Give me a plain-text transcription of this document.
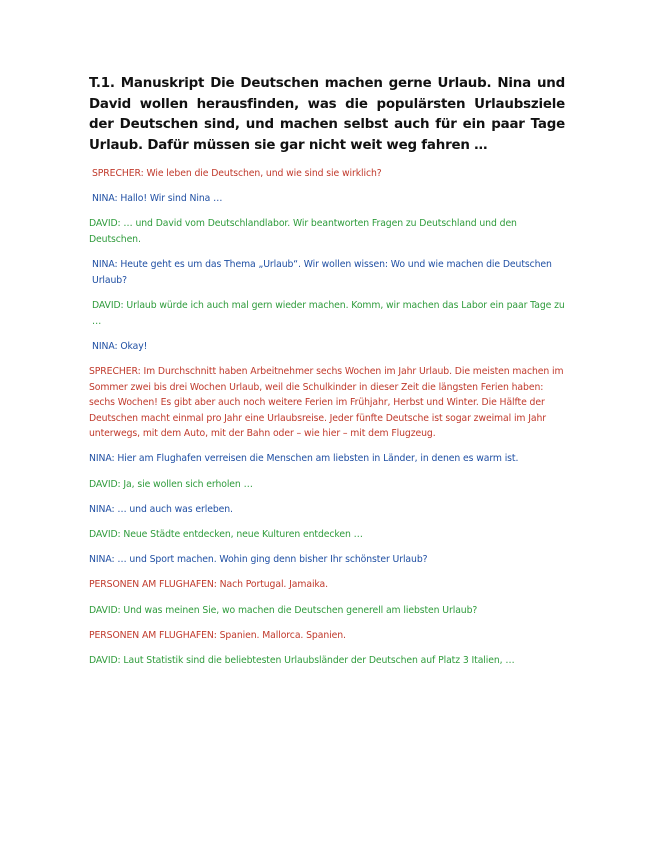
T.1. Manuskript Die Deutschen machen gerne Urlaub. Nina und David wollen herausfinden, was die populärsten Urlaubsziele der Deutschen sind, und machen selbst auch für ein paar Tage Urlaub. Dafür müssen sie gar nicht weit weg fahren …

SPRECHER: Wie leben die Deutschen, und wie sind sie wirklich?

NINA: Hallo! Wir sind Nina …

DAVID: … und David vom Deutschlandlabor. Wir beantworten Fragen zu Deutschland und den Deutschen.

NINA: Heute geht es um das Thema „Urlaub“. Wir wollen wissen: Wo und wie machen die Deutschen Urlaub?

DAVID: Urlaub würde ich auch mal gern wieder machen. Komm, wir machen das Labor ein paar Tage zu …

NINA: Okay!

SPRECHER: Im Durchschnitt haben Arbeitnehmer sechs Wochen im Jahr Urlaub. Die meisten machen im Sommer zwei bis drei Wochen Urlaub, weil die Schulkinder in dieser Zeit die längsten Ferien haben: sechs Wochen! Es gibt aber auch noch weitere Ferien im Frühjahr, Herbst und Winter. Die Hälfte der Deutschen macht einmal pro Jahr eine Urlaubsreise. Jeder fünfte Deutsche ist sogar zweimal im Jahr unterwegs, mit dem Auto, mit der Bahn oder – wie hier – mit dem Flugzeug.

NINA: Hier am Flughafen verreisen die Menschen am liebsten in Länder, in denen es warm ist.

DAVID: Ja, sie wollen sich erholen …

NINA: … und auch was erleben.

DAVID: Neue Städte entdecken, neue Kulturen entdecken …

NINA: … und Sport machen. Wohin ging denn bisher Ihr schönster Urlaub?

PERSONEN AM FLUGHAFEN: Nach Portugal. Jamaika.

DAVID: Und was meinen Sie, wo machen die Deutschen generell am liebsten Urlaub?

PERSONEN AM FLUGHAFEN: Spanien. Mallorca. Spanien.

DAVID: Laut Statistik sind die beliebtesten Urlaubsländer der Deutschen auf Platz 3 Italien, …
